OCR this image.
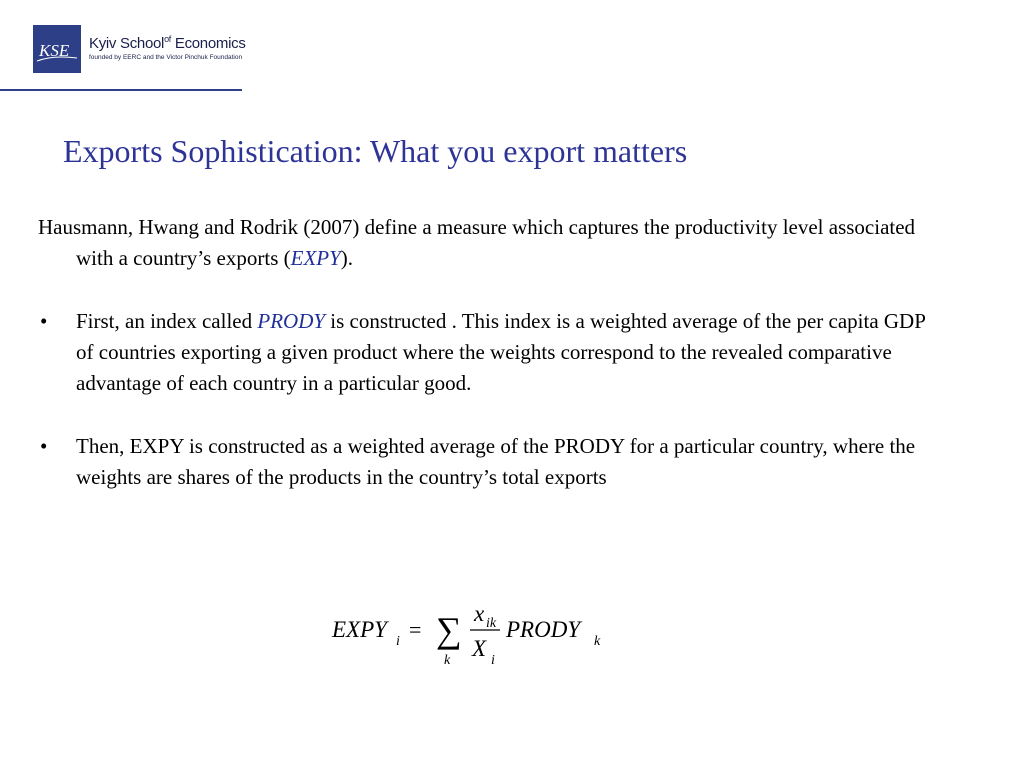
KSE Kyiv School$^{of}$ Economics
founded by EERC and the Victor Pinchuk Foundation
Exports Sophistication: What you export matters

Hausmann, Hwang and Rodrik (2007) define a measure which captures the productivity level associated with a country’s exports (EXPY).

• First, an index called PRODY is constructed . This index is a weighted average of the per capita GDP of countries exporting a given product where the weights correspond to the revealed comparative advantage of each country in a particular good.

• Then, EXPY is constructed as a weighted average of the PRODY for a particular country, where the weights are shares of the products in the country’s total exports

EXPY i = ∑
k
x ik
X i
PRODY k
